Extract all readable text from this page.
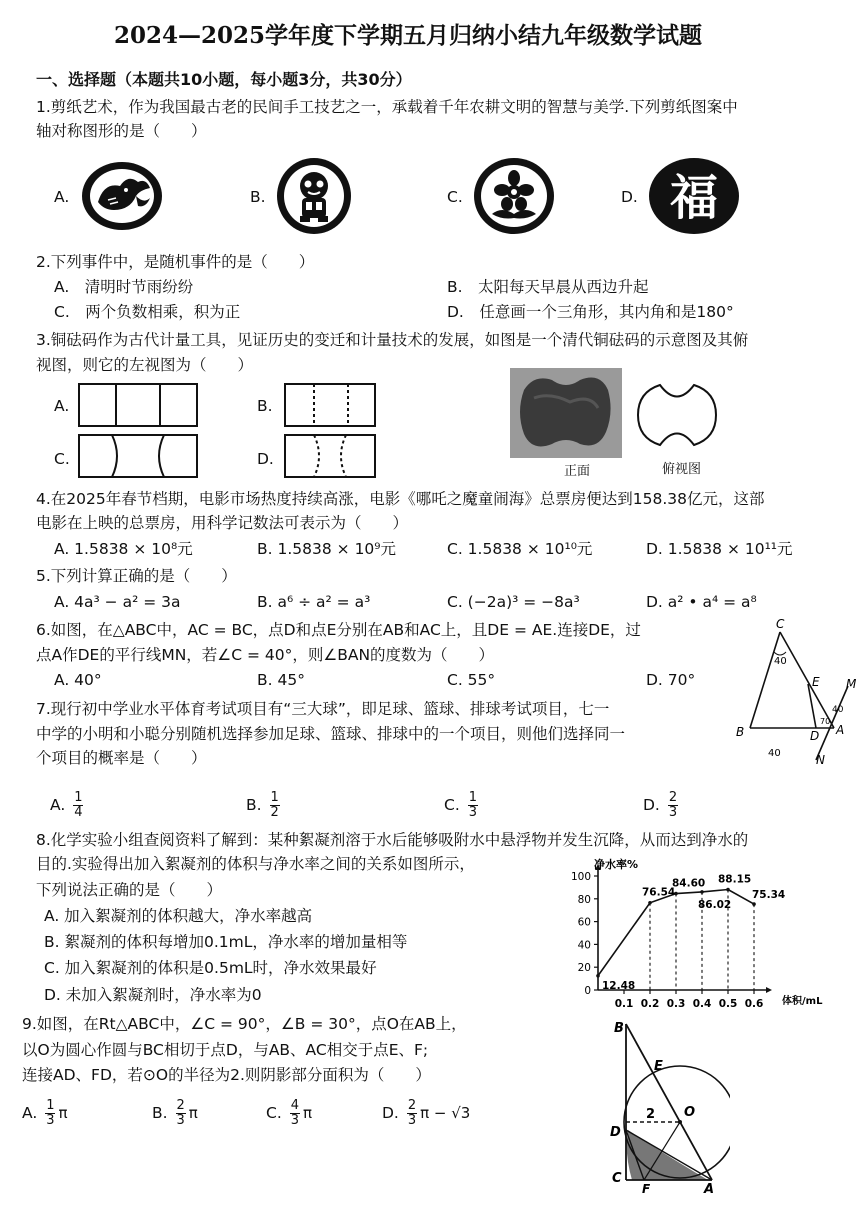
2024—2025学年度下学期五月归纳小结九年级数学试题
一、选择题（本题共10小题，每小题3分，共30分）
1.剪纸艺术，作为我国最古老的民间手工技艺之一，承载着千年农耕文明的智慧与美学.下列剪纸图案中
轴对称图形的是（　　）
A.	B.	C.	D. 福
2.下列事件中，是随机事件的是（　　）
A.　清明时节雨纷纷	B.　太阳每天早晨从西边升起
C.　两个负数相乘，积为正	D.　任意画一个三角形，其内角和是180°
3.铜砝码作为古代计量工具，见证历史的变迁和计量技术的发展，如图是一个清代铜砝码的示意图及其俯
视图，则它的左视图为（　　）
A.	B.
C.	D.
正面	俯视图
4.在2025年春节档期，电影市场热度持续高涨，电影《哪吒之魔童闹海》总票房便达到158.38亿元，这部
电影在上映的总票房，用科学记数法可表示为（　　）
A. 1.5838 × 10⁸元	B. 1.5838 × 10⁹元	C. 1.5838 × 10¹⁰元	D. 1.5838 × 10¹¹元
5.下列计算正确的是（　　）
A. 4a³ − a² = 3a	B. a⁶ ÷ a² = a³	C. (−2a)³ = −8a³	D. a² • a⁴ = a⁸
6.如图，在△ABC中，AC = BC，点D和点E分别在AB和AC上，且DE = AE.连接DE，过
点A作DE的平行线MN，若∠C = 40°，则∠BAN的度数为（　　）
A. 40°	B. 45°	C. 55°	D. 70°
C
40
E M
40
70
B	D A
40	N
7.现行初中学业水平体育考试项目有“三大球”，即足球、篮球、排球考试项目，七一
中学的小明和小聪分别随机选择参加足球、篮球、排球中的一个项目，则他们选择同一
个项目的概率是（　　）
A. $\frac{1}{4}$	B. $\frac{1}{2}$	C. $\frac{1}{3}$	D. $\frac{2}{3}$
8.化学实验小组查阅资料了解到：某种絮凝剂溶于水后能够吸附水中悬浮物并发生沉降，从而达到净水的
目的.实验得出加入絮凝剂的体积与净水率之间的关系如图所示，
下列说法正确的是（　　）
A. 加入絮凝剂的体积越大，净水率越高
B. 絮凝剂的体积每增加0.1mL，净水率的增加量相等
C. 加入絮凝剂的体积是0.5mL时，净水效果最好
D. 未加入絮凝剂时，净水率为0
12.48
76.54
84.60
86.02
88.15
75.34
0
20
40
60
80
100
0.1 0.2 0.3 0.4 0.5 0.6
净水率%
体积/mL
9.如图，在Rt△ABC中，∠C = 90°，∠B = 30°，点O在AB上，
以O为圆心作圆与BC相切于点D，与AB、AC相交于点E、F;
连接AD、FD，若⊙O的半径为2.则阴影部分面积为（　　）
A. $\frac{1}{3}$ π	B. $\frac{2}{3}$ π	C. $\frac{4}{3}$ π	D. $\frac{2}{3}$ π − √3
B
E
2 O
D
C
F	A
